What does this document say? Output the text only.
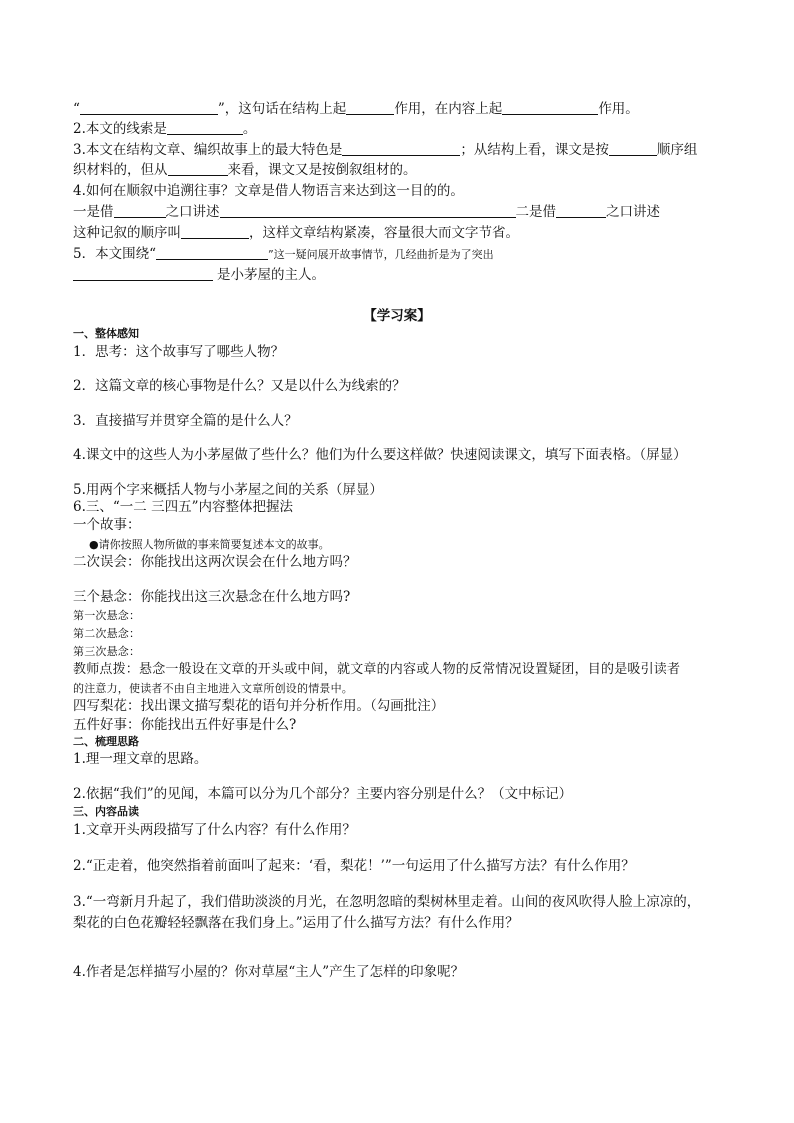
“	”，这句话在结构上起	作用，在内容上起	作用。
2.本文的线索是	。
3.本文在结构文章、编织故事上的最大特色是	；从结构上看，课文是按	顺序组
织材料的，但从	来看，课文又是按倒叙组材的。
4.如何在顺叙中追溯往事？文章是借人物语言来达到这一目的的。
一是借	之口讲述	二是借	之口讲述
这种记叙的顺序叫	，这样文章结构紧凑，容量很大而文字节省。
5．本文围绕“	”这一疑问展开故事情节，几经曲折是为了突出
是小茅屋的主人。
【学习案】
一、整体感知
1．思考：这个故事写了哪些人物？
2．这篇文章的核心事物是什么？又是以什么为线索的？
3．直接描写并贯穿全篇的是什么人？
4.课文中的这些人为小茅屋做了些什么？他们为什么要这样做？快速阅读课文，填写下面表格。（屏显）
5.用两个字来概括人物与小茅屋之间的关系（屏显）
6.三、“一二 三四五”内容整体把握法
一个故事：
●请你按照人物所做的事来简要复述本文的故事。
二次误会：你能找出这两次误会在什么地方吗？
三个悬念：你能找出这三次悬念在什么地方吗?
第一次悬念：
第二次悬念：
第三次悬念：
教师点拨：悬念一般设在文章的开头或中间，就文章的内容或人物的反常情况设置疑团，目的是吸引读者
的注意力，使读者不由自主地进入文章所创设的情景中。
四写梨花：找出课文描写梨花的语句并分析作用。（勾画批注）
五件好事：你能找出五件好事是什么?
二、梳理思路
1.理一理文章的思路。
2.依据“我们”的见闻，本篇可以分为几个部分？主要内容分别是什么？（文中标记）
三、内容品读
1.文章开头两段描写了什么内容？有什么作用？
2.“正走着，他突然指着前面叫了起来：‘看，梨花！’”一句运用了什么描写方法？有什么作用？
3.“一弯新月升起了，我们借助淡淡的月光，在忽明忽暗的梨树林里走着。山间的夜风吹得人脸上凉凉的，
梨花的白色花瓣轻轻飘落在我们身上。”运用了什么描写方法？有什么作用？
4.作者是怎样描写小屋的？你对草屋“主人”产生了怎样的印象呢？
